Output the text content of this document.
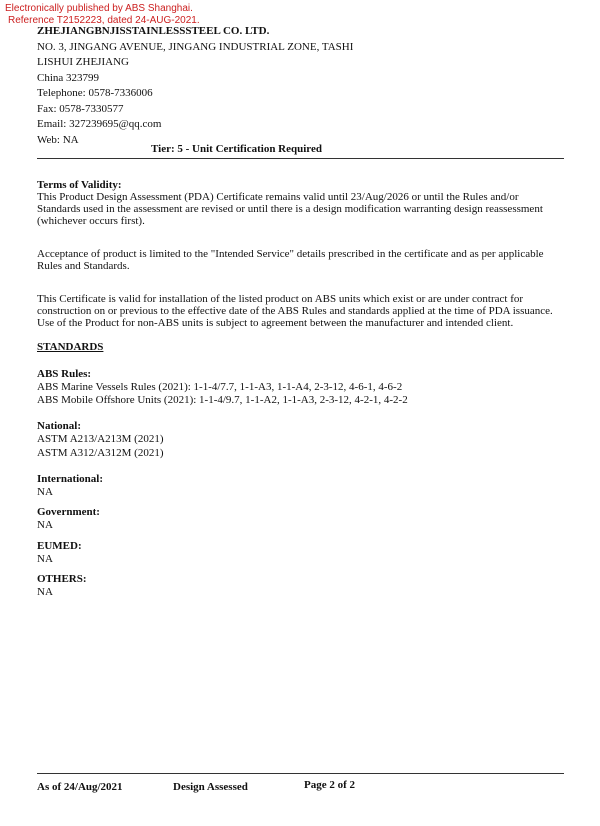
Electronically published by ABS Shanghai.
Reference T2152223, dated 24-AUG-2021.
ZHEJIANGBNJISSTAINLESSSTEEL CO. LTD.
NO. 3, JINGANG AVENUE, JINGANG INDUSTRIAL ZONE, TASHI
LISHUI ZHEJIANG
China 323799
Telephone: 0578-7336006
Fax: 0578-7330577
Email: 327239695@qq.com
Web: NA
Tier: 5 - Unit Certification Required
Terms of Validity:
This Product Design Assessment (PDA) Certificate remains valid until 23/Aug/2026 or until the Rules and/or Standards used in the assessment are revised or until there is a design modification warranting design reassessment (whichever occurs first).
Acceptance of product is limited to the "Intended Service" details prescribed in the certificate and as per applicable Rules and Standards.
This Certificate is valid for installation of the listed product on ABS units which exist or are under contract for construction on or previous to the effective date of the ABS Rules and standards applied at the time of PDA issuance. Use of the Product for non-ABS units is subject to agreement between the manufacturer and intended client.
STANDARDS
ABS Rules:
ABS Marine Vessels Rules (2021): 1-1-4/7.7, 1-1-A3, 1-1-A4, 2-3-12, 4-6-1, 4-6-2
ABS Mobile Offshore Units (2021): 1-1-4/9.7, 1-1-A2, 1-1-A3, 2-3-12, 4-2-1, 4-2-2
National:
ASTM A213/A213M (2021)
ASTM A312/A312M (2021)
International:
NA
Government:
NA
EUMED:
NA
OTHERS:
NA
As of 24/Aug/2021	Design Assessed	Page 2 of 2
